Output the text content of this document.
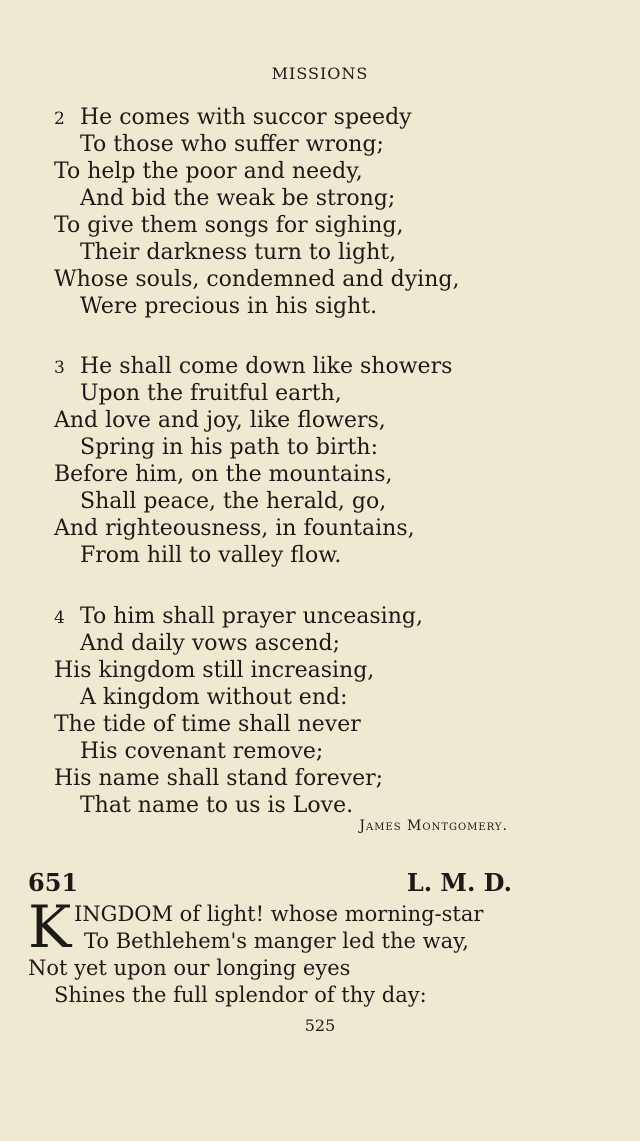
MISSIONS
2 He comes with succor speedy
To those who suffer wrong;
To help the poor and needy,
And bid the weak be strong;
To give them songs for sighing,
Their darkness turn to light,
Whose souls, condemned and dying,
Were precious in his sight.
3 He shall come down like showers
Upon the fruitful earth,
And love and joy, like flowers,
Spring in his path to birth:
Before him, on the mountains,
Shall peace, the herald, go,
And righteousness, in fountains,
From hill to valley flow.
4 To him shall prayer unceasing,
And daily vows ascend;
His kingdom still increasing,
A kingdom without end:
The tide of time shall never
His covenant remove;
His name shall stand forever;
That name to us is Love.
James Montgomery.
651	L. M. D.
K INGDOM of light! whose morning-star
To Bethlehem's manger led the way,
Not yet upon our longing eyes
Shines the full splendor of thy day:
525
